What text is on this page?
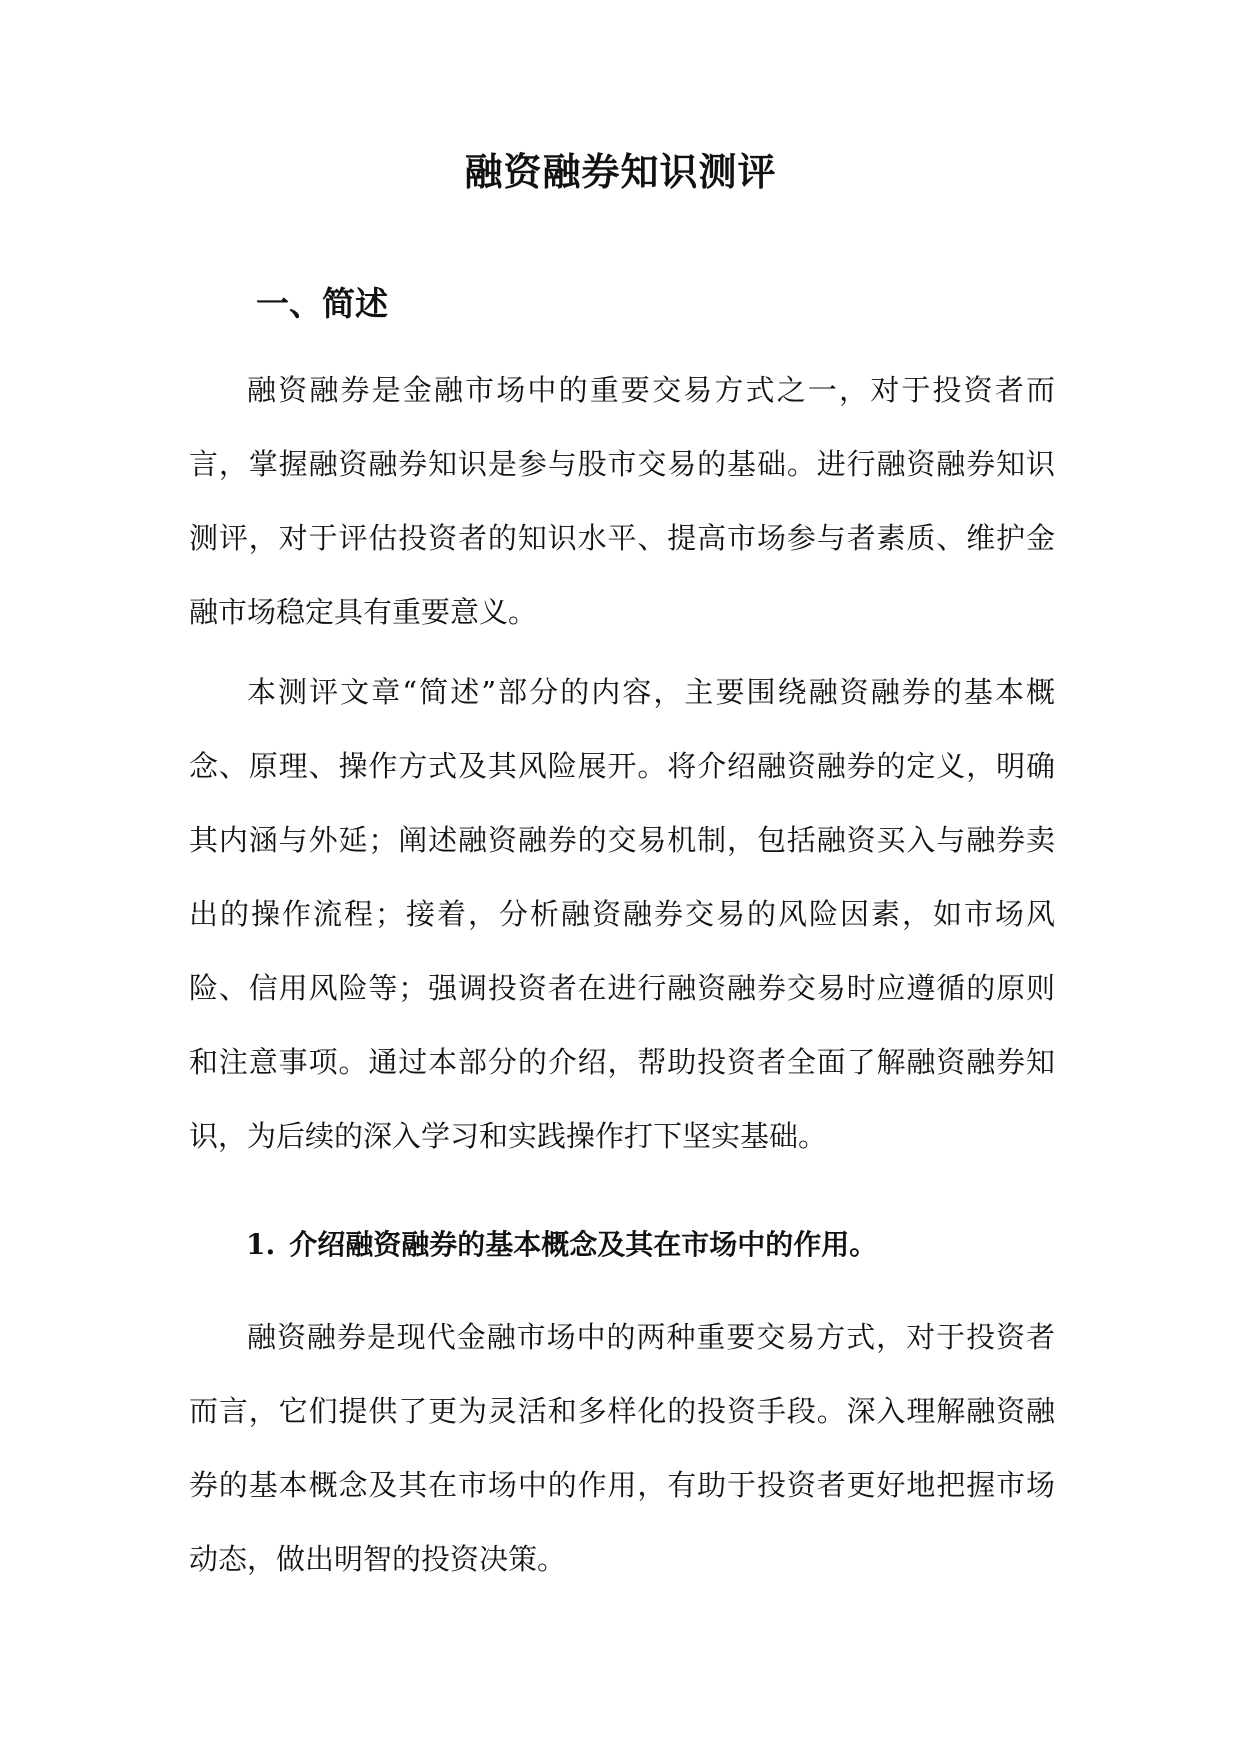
融资融券知识测评
一、简述

融资融券是金融市场中的重要交易方式之一，对于投资者而言，掌握融资融券知识是参与股市交易的基础。进行融资融券知识测评，对于评估投资者的知识水平、提高市场参与者素质、维护金融市场稳定具有重要意义。

本测评文章“简述”部分的内容，主要围绕融资融券的基本概念、原理、操作方式及其风险展开。将介绍融资融券的定义，明确其内涵与外延；阐述融资融券的交易机制，包括融资买入与融券卖出的操作流程；接着，分析融资融券交易的风险因素，如市场风险、信用风险等；强调投资者在进行融资融券交易时应遵循的原则和注意事项。通过本部分的介绍，帮助投资者全面了解融资融券知识，为后续的深入学习和实践操作打下坚实基础。

1. 介绍融资融券的基本概念及其在市场中的作用。

融资融券是现代金融市场中的两种重要交易方式，对于投资者而言，它们提供了更为灵活和多样化的投资手段。深入理解融资融券的基本概念及其在市场中的作用，有助于投资者更好地把握市场动态，做出明智的投资决策。
